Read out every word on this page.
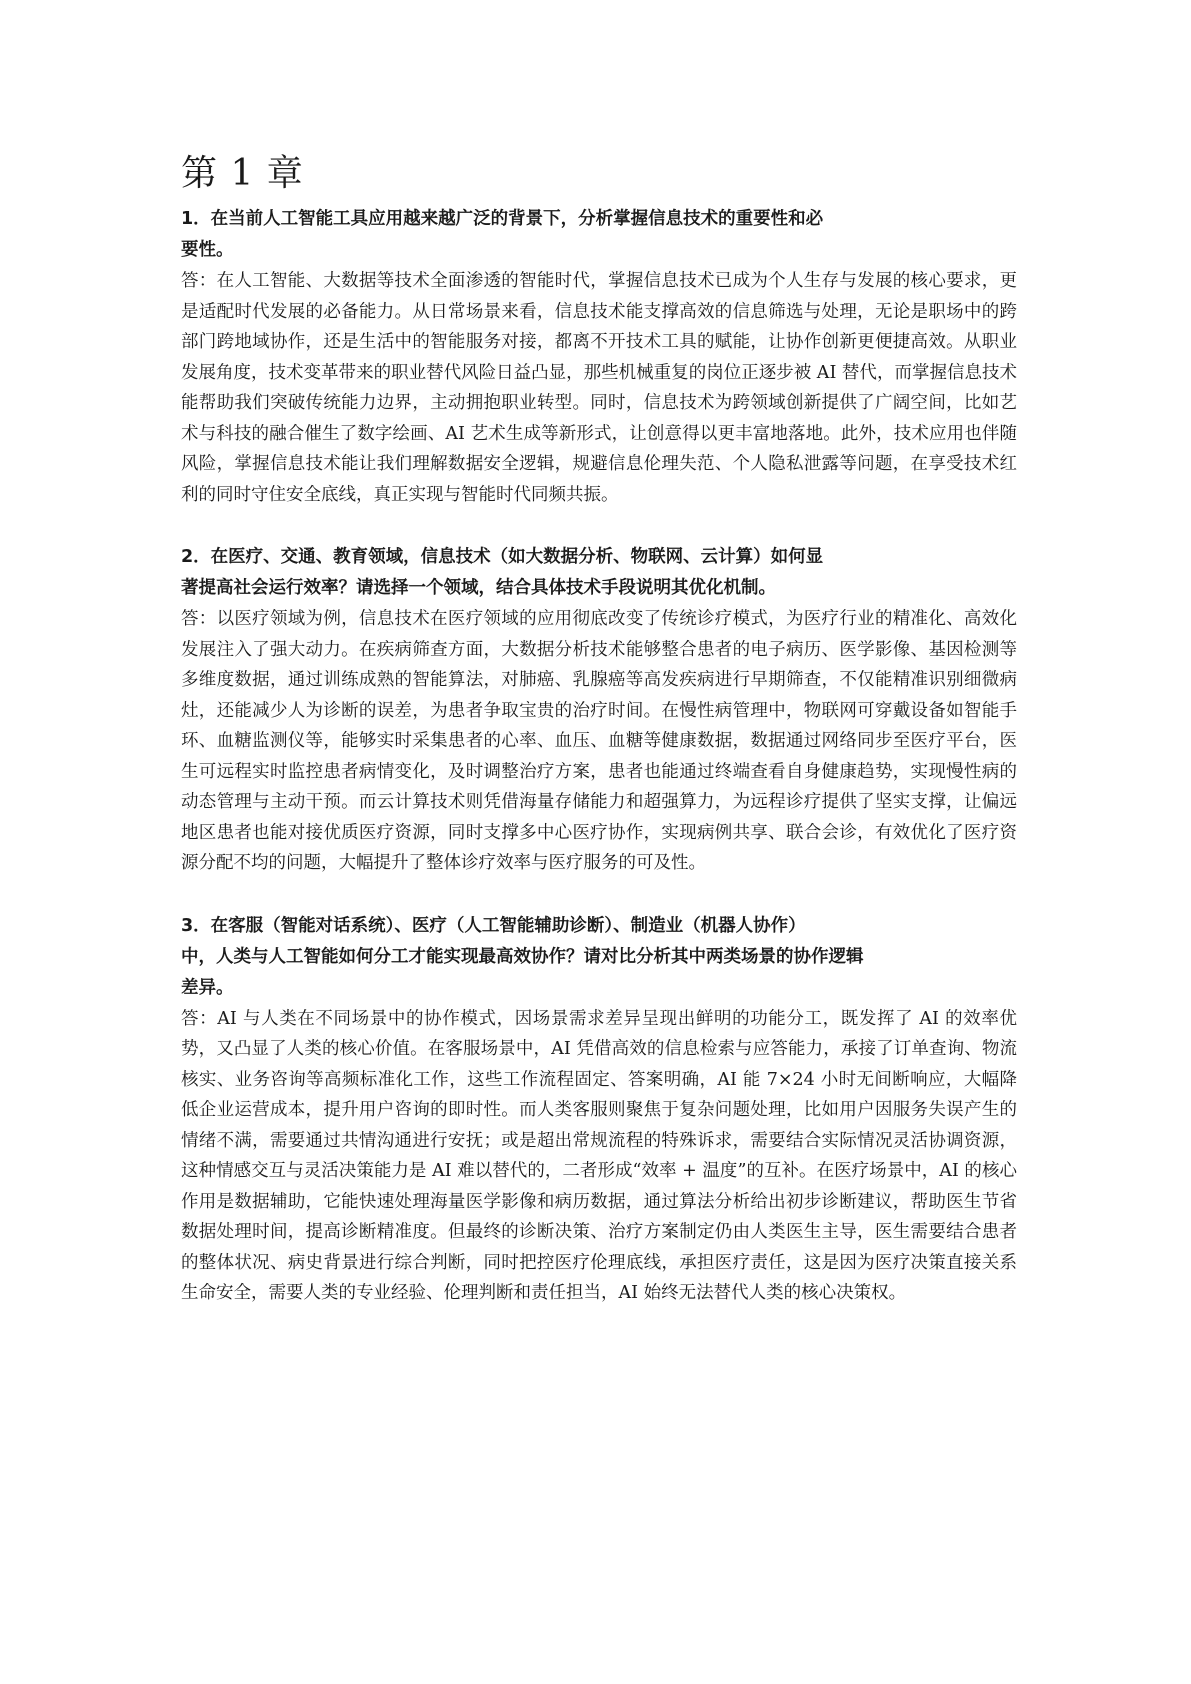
第 1 章

1．在当前人工智能工具应用越来越广泛的背景下，分析掌握信息技术的重要性和必
要性。

答：在人工智能、大数据等技术全面渗透的智能时代，掌握信息技术已成为个人生存与发展的核心要求，更是适配时代发展的必备能力。从日常场景来看，信息技术能支撑高效的信息筛选与处理，无论是职场中的跨部门跨地域协作，还是生活中的智能服务对接，都离不开技术工具的赋能，让协作创新更便捷高效。从职业发展角度，技术变革带来的职业替代风险日益凸显，那些机械重复的岗位正逐步被 AI 替代，而掌握信息技术能帮助我们突破传统能力边界，主动拥抱职业转型。同时，信息技术为跨领域创新提供了广阔空间，比如艺术与科技的融合催生了数字绘画、AI 艺术生成等新形式，让创意得以更丰富地落地。此外，技术应用也伴随风险，掌握信息技术能让我们理解数据安全逻辑，规避信息伦理失范、个人隐私泄露等问题，在享受技术红利的同时守住安全底线，真正实现与智能时代同频共振。

2．在医疗、交通、教育领域，信息技术（如大数据分析、物联网、云计算）如何显
著提高社会运行效率？请选择一个领域，结合具体技术手段说明其优化机制。

答：以医疗领域为例，信息技术在医疗领域的应用彻底改变了传统诊疗模式，为医疗行业的精准化、高效化发展注入了强大动力。在疾病筛查方面，大数据分析技术能够整合患者的电子病历、医学影像、基因检测等多维度数据，通过训练成熟的智能算法，对肺癌、乳腺癌等高发疾病进行早期筛查，不仅能精准识别细微病灶，还能减少人为诊断的误差，为患者争取宝贵的治疗时间。在慢性病管理中，物联网可穿戴设备如智能手环、血糖监测仪等，能够实时采集患者的心率、血压、血糖等健康数据，数据通过网络同步至医疗平台，医生可远程实时监控患者病情变化，及时调整治疗方案，患者也能通过终端查看自身健康趋势，实现慢性病的动态管理与主动干预。而云计算技术则凭借海量存储能力和超强算力，为远程诊疗提供了坚实支撑，让偏远地区患者也能对接优质医疗资源，同时支撑多中心医疗协作，实现病例共享、联合会诊，有效优化了医疗资源分配不均的问题，大幅提升了整体诊疗效率与医疗服务的可及性。

3．在客服（智能对话系统）、医疗（人工智能辅助诊断）、制造业（机器人协作）
中，人类与人工智能如何分工才能实现最高效协作？请对比分析其中两类场景的协作逻辑
差异。

答：AI 与人类在不同场景中的协作模式，因场景需求差异呈现出鲜明的功能分工，既发挥了 AI 的效率优势，又凸显了人类的核心价值。在客服场景中，AI 凭借高效的信息检索与应答能力，承接了订单查询、物流核实、业务咨询等高频标准化工作，这些工作流程固定、答案明确，AI 能 7×24 小时无间断响应，大幅降低企业运营成本，提升用户咨询的即时性。而人类客服则聚焦于复杂问题处理，比如用户因服务失误产生的情绪不满，需要通过共情沟通进行安抚；或是超出常规流程的特殊诉求，需要结合实际情况灵活协调资源，这种情感交互与灵活决策能力是 AI 难以替代的，二者形成“效率 + 温度”的互补。在医疗场景中，AI 的核心作用是数据辅助，它能快速处理海量医学影像和病历数据，通过算法分析给出初步诊断建议，帮助医生节省数据处理时间，提高诊断精准度。但最终的诊断决策、治疗方案制定仍由人类医生主导，医生需要结合患者的整体状况、病史背景进行综合判断，同时把控医疗伦理底线，承担医疗责任，这是因为医疗决策直接关系生命安全，需要人类的专业经验、伦理判断和责任担当，AI 始终无法替代人类的核心决策权。
